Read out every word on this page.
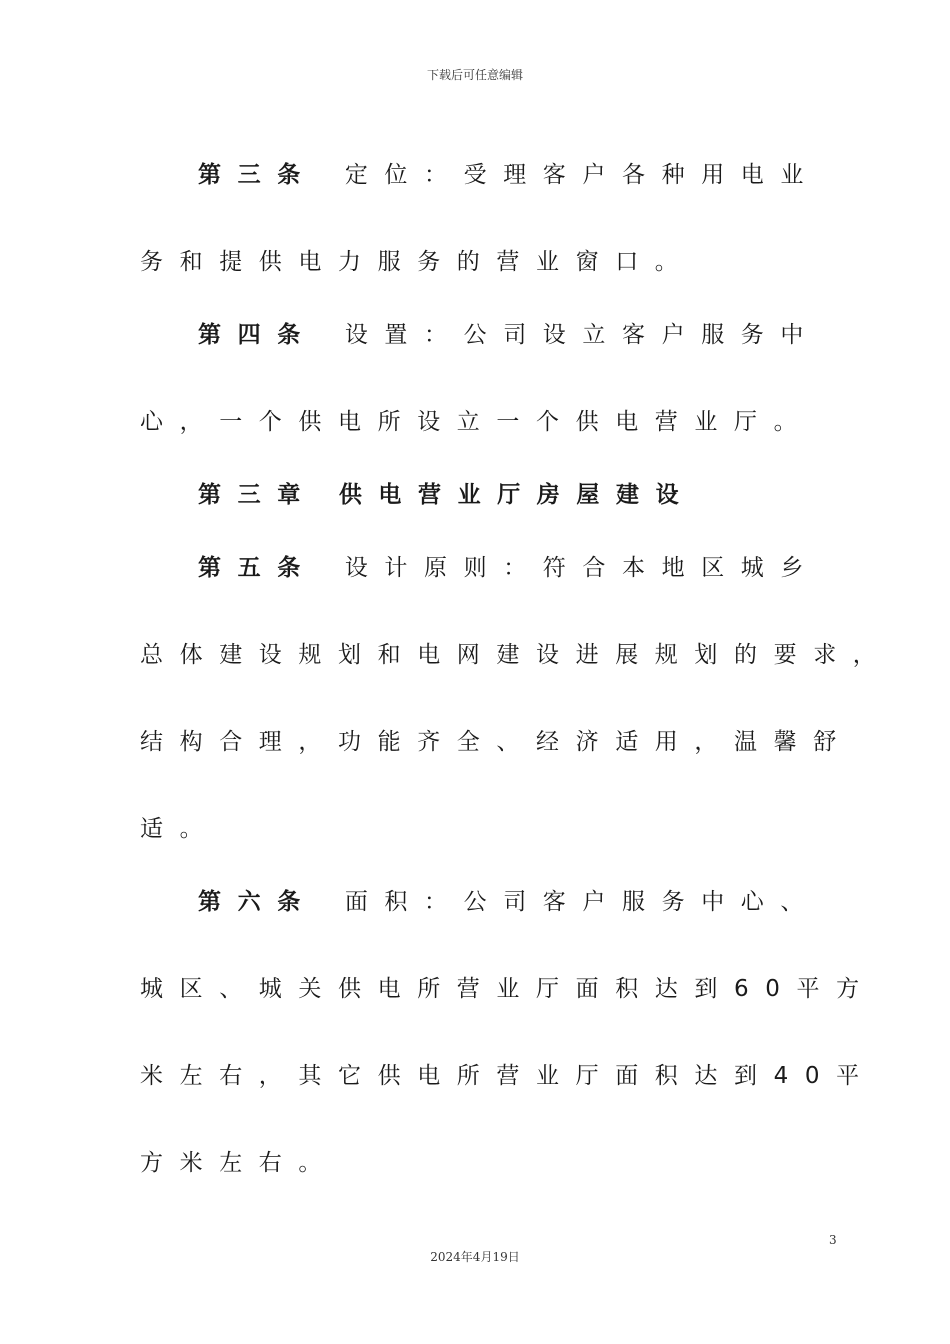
下载后可任意编辑
第三条 定位：受理客户各种用电业
务和提供电力服务的营业窗口。
第四条 设置：公司设立客户服务中
心，一个供电所设立一个供电营业厅。
第三章 供电营业厅房屋建设
第五条 设计原则：符合本地区城乡
总体建设规划和电网建设进展规划的要求，
结构合理，功能齐全、经济适用，温馨舒
适。
第六条 面积：公司客户服务中心、
城区、城关供电所营业厅面积达到60平方
米左右，其它供电所营业厅面积达到40平
方米左右。
3
2024年4月19日
